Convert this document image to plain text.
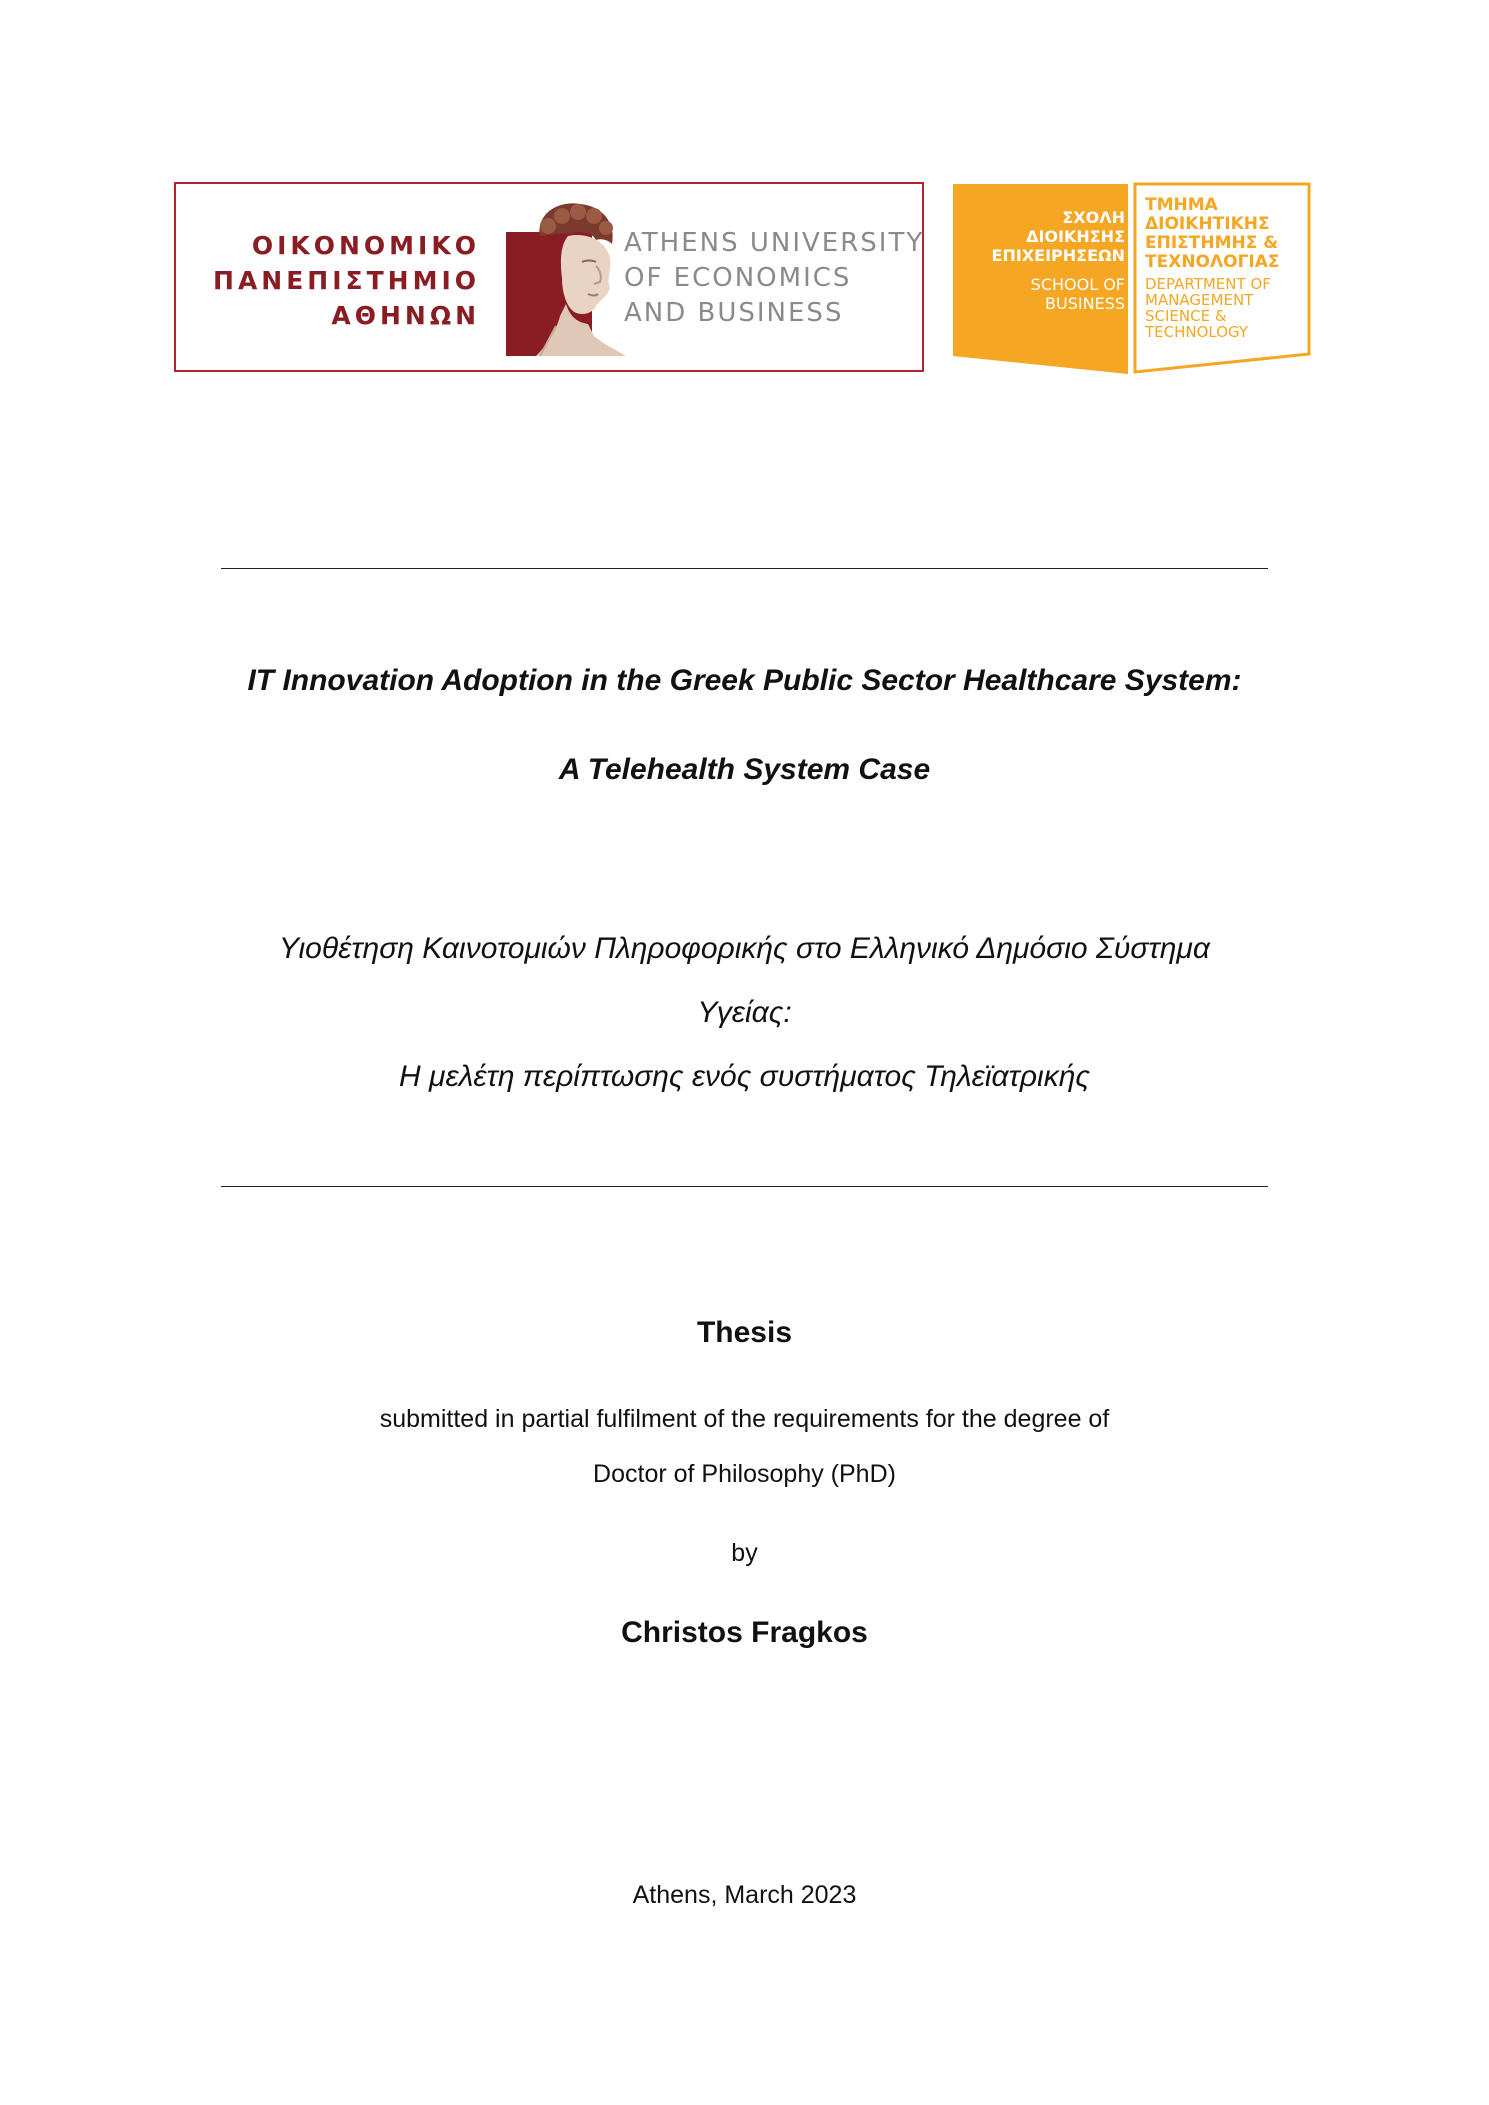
ΟΙΚΟΝΟΜΙΚΟ
ΠΑΝΕΠΙΣΤΗΜΙΟ
ΑΘΗΝΩΝ
ATHENS UNIVERSITY
OF ECONOMICS
AND BUSINESS
ΣΧΟΛΗ
ΔΙΟΙΚΗΣΗΣ
ΕΠΙΧΕΙΡΗΣΕΩΝ
SCHOOL OF
BUSINESS
ΤΜΗΜΑ
ΔΙΟΙΚΗΤΙΚΗΣ
ΕΠΙΣΤΗΜΗΣ &
ΤΕΧΝΟΛΟΓΙΑΣ
DEPARTMENT OF
MANAGEMENT
SCIENCE &
TECHNOLOGY
IT Innovation Adoption in the Greek Public Sector Healthcare System:
A Telehealth System Case
Υιοθέτηση Καινοτομιών Πληροφορικής στο Ελληνικό Δημόσιο Σύστημα
Υγείας:
Η μελέτη περίπτωσης ενός συστήματος Τηλεϊατρικής
Thesis
submitted in partial fulfilment of the requirements for the degree of
Doctor of Philosophy (PhD)
by
Christos Fragkos
Athens, March 2023
